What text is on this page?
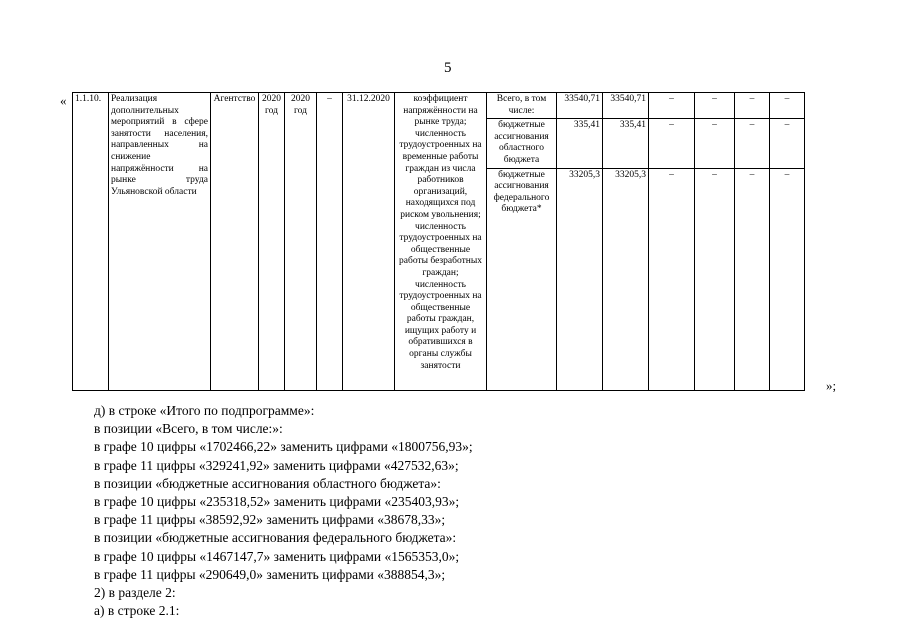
5
«
»;
1.1.10.	Реализация дополнительных мероприятий в сфере занятости населения, направленных на снижение напряжённости на рынке труда Ульяновской области	Агентство	2020 год	2020 год	–	31.12.2020	коэффициент напряжённости на рынке труда; численность трудоустроенных на временные работы граждан из числа работников организаций, находящихся под риском увольнения; численность трудоустроенных на общественные работы безработных граждан; численность трудоустроенных на общественные работы граждан, ищущих работу и обратившихся в органы службы занятости	Всего, в том числе:	33540,71	33540,71	–	–	–	–
								бюджетные ассигнования областного бюджета	335,41	335,41	–	–	–	–
								бюджетные ассигнования федерального бюджета*	33205,3	33205,3	–	–	–	–
д) в строке «Итого по подпрограмме»:
в позиции «Всего, в том числе:»:
в графе 10 цифры «1702466,22» заменить цифрами «1800756,93»;
в графе 11 цифры «329241,92» заменить цифрами «427532,63»;
в позиции «бюджетные ассигнования областного бюджета»:
в графе 10 цифры «235318,52» заменить цифрами «235403,93»;
в графе 11 цифры «38592,92» заменить цифрами «38678,33»;
в позиции «бюджетные ассигнования федерального бюджета»:
в графе 10 цифры «1467147,7» заменить цифрами «1565353,0»;
в графе 11 цифры «290649,0» заменить цифрами «388854,3»;
2) в разделе 2:
а) в строке 2.1:
